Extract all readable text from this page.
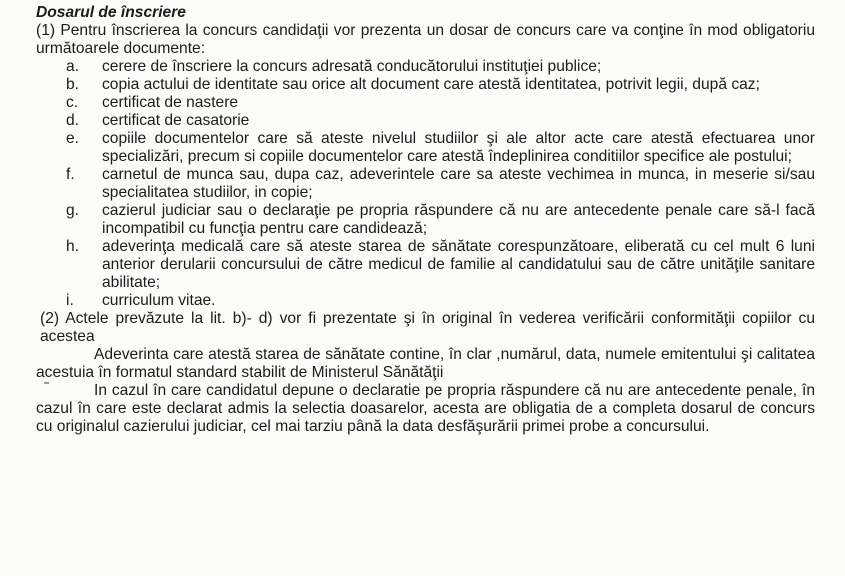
Dosarul de înscriere

(1) Pentru înscrierea la concurs candidaţii vor prezenta un dosar de concurs care va conţine în mod obligatoriu următoarele documente:

a. cerere de înscriere la concurs adresată conducătorului instituţiei publice;
b. copia actului de identitate sau orice alt document care atestă identitatea, potrivit legii, după caz;
c. certificat de nastere
d. certificat de casatorie
e. copiile documentelor care să ateste nivelul studiilor şi ale altor acte care atestă efectuarea unor specializări, precum si copiile documentelor care atestă îndeplinirea conditiilor specifice ale postului;
f. carnetul de munca sau, dupa caz, adeverintele care sa ateste vechimea in munca, in meserie si/sau specialitatea studiilor, in copie;
g. cazierul judiciar sau o declaraţie pe propria răspundere că nu are antecedente penale care să-l facă incompatibil cu funcţia pentru care candidează;
h. adeverinţa medicală care să ateste starea de sănătate corespunzătoare, eliberată cu cel mult 6 luni anterior derularii concursului de către medicul de familie al candidatului sau de către unităţile sanitare abilitate;
i. curriculum vitae.

(2) Actele prevăzute la lit. b)- d) vor fi prezentate şi în original în vederea verificării conformităţii copiilor cu acestea

Adeverinta care atestă starea de sănătate contine, în clar ,numărul, data, numele emitentului şi calitatea acestuia în formatul standard stabilit de Ministerul Sănătăţii

In cazul în care candidatul depune o declaratie pe propria răspundere că nu are antecedente penale, în cazul în care este declarat admis la selectia doasarelor, acesta are obligatia de a completa dosarul de concurs cu originalul cazierului judiciar, cel mai tarziu până la data desfăşurării primei probe a concursului.
